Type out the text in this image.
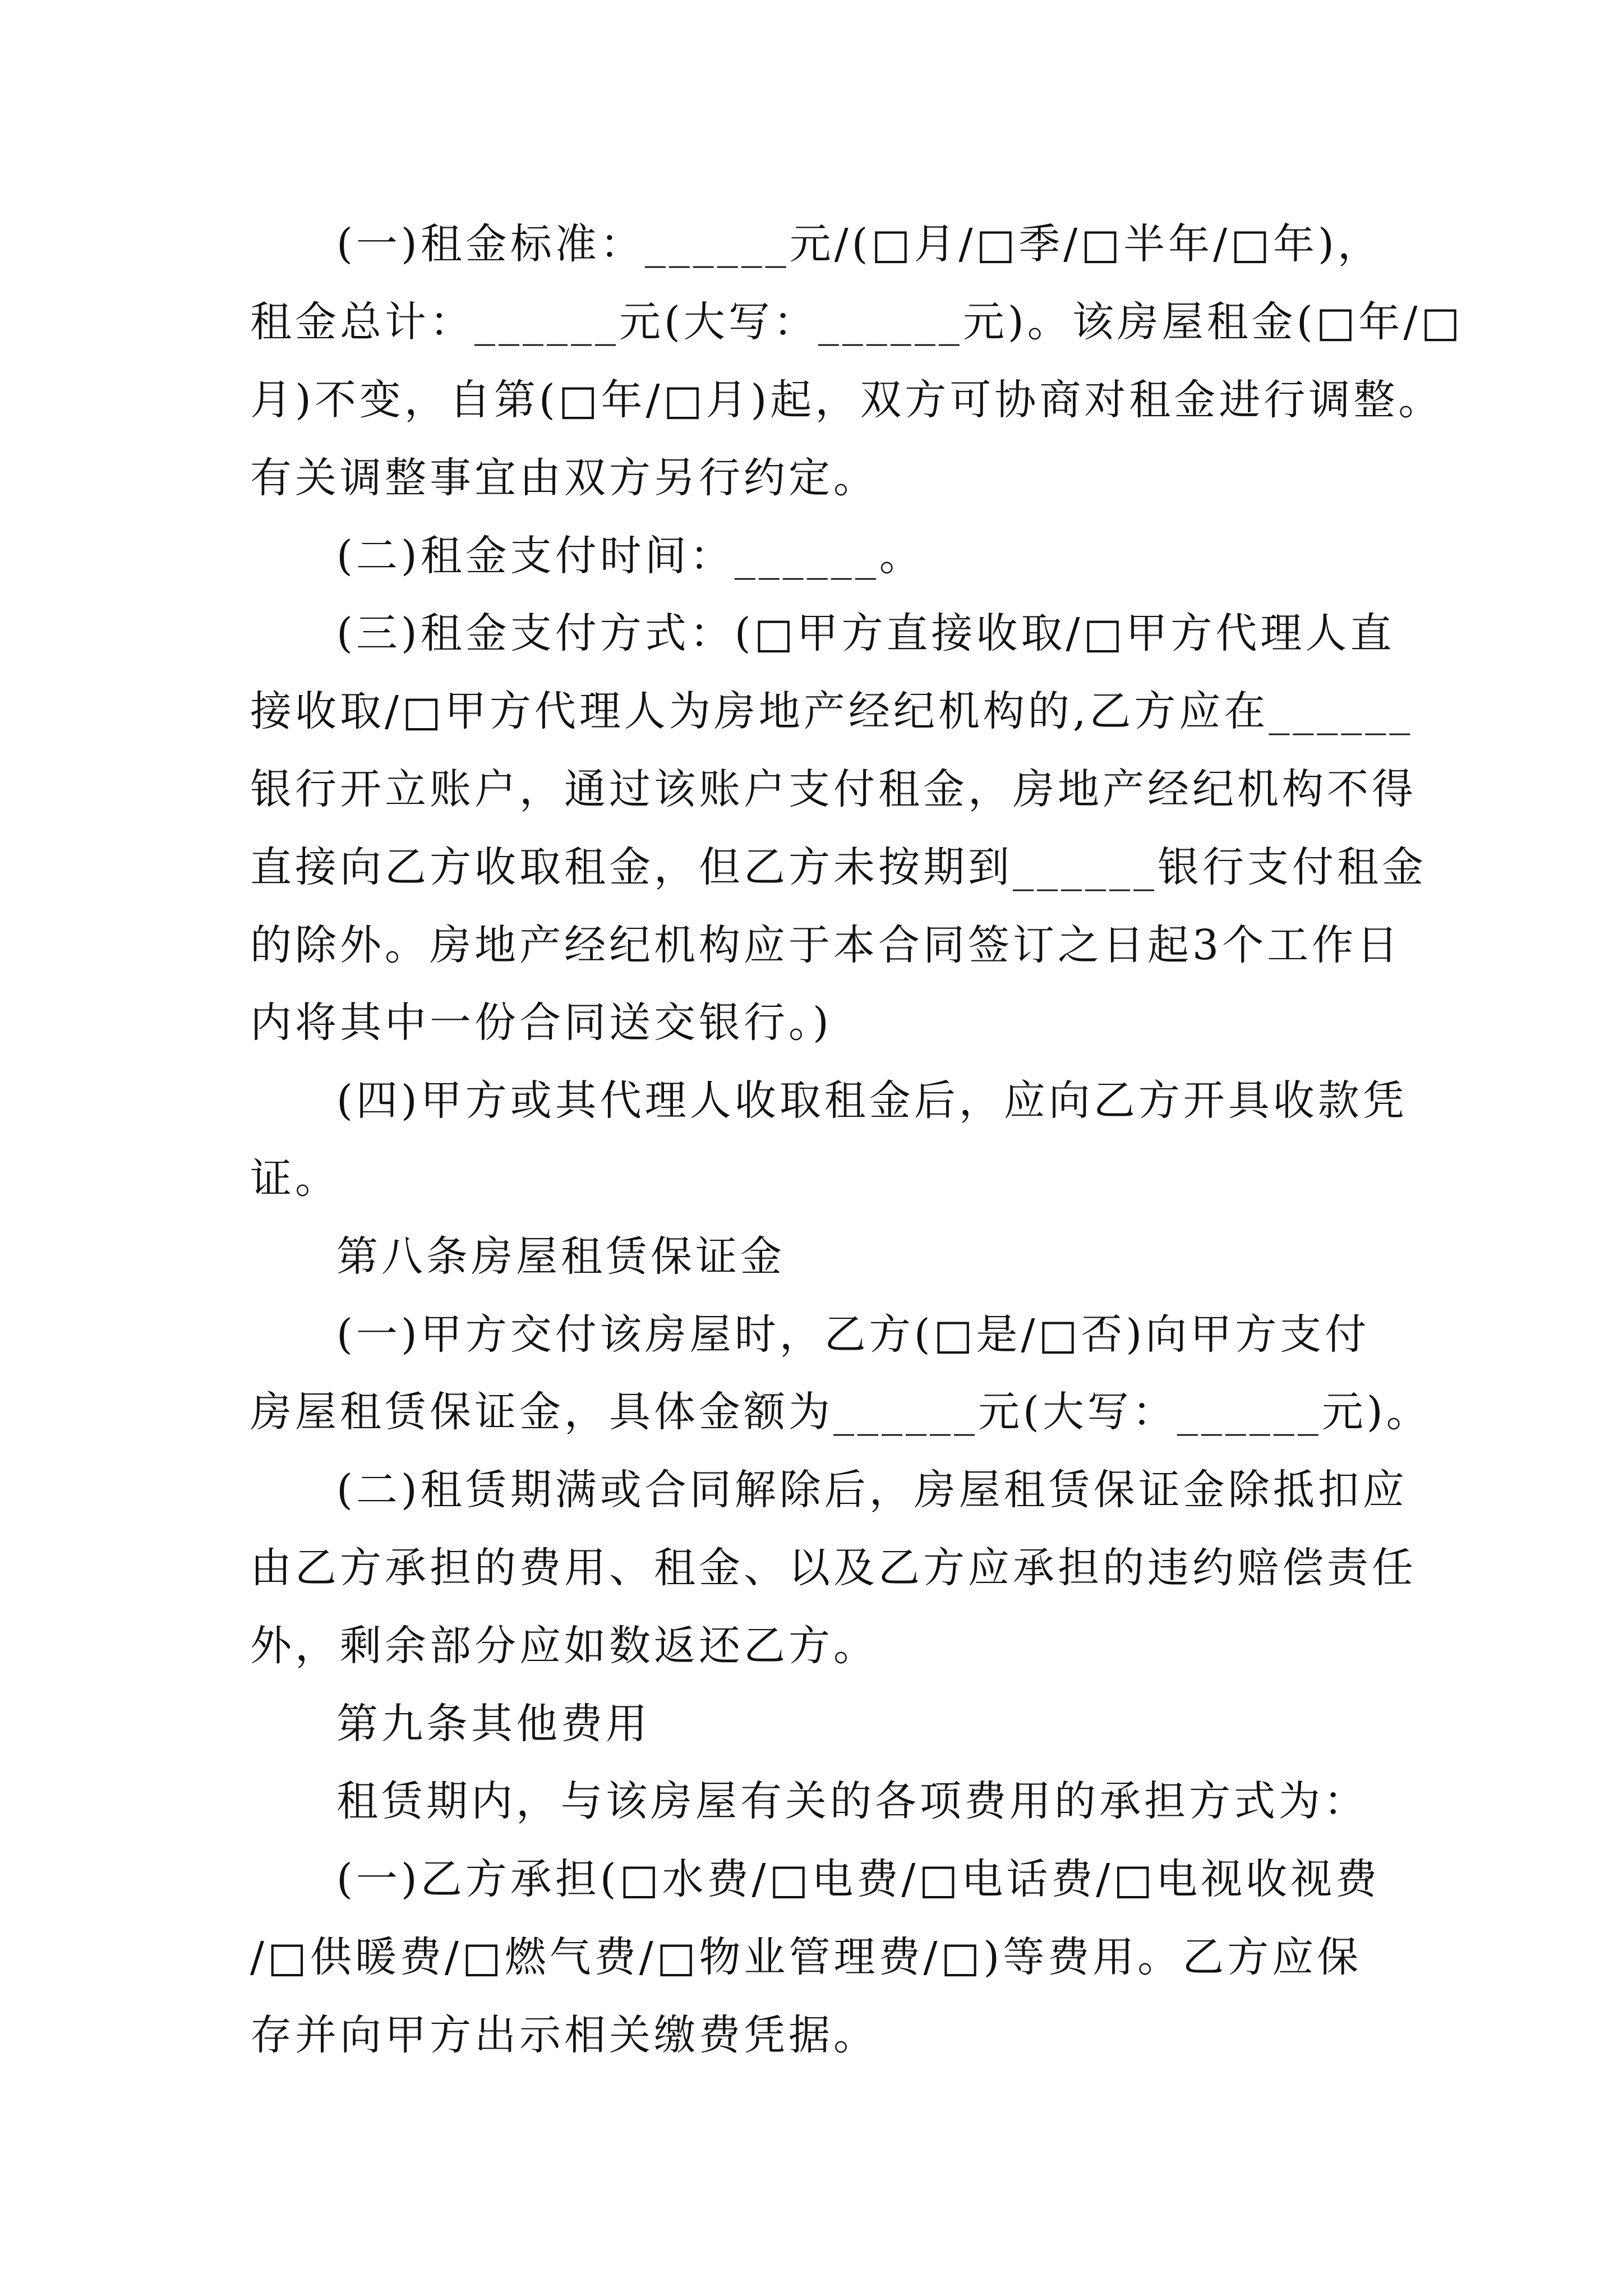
(一)租金标准：______元/(□月/□季/□半年/□年)，
租金总计：______元(大写：______元)。该房屋租金(□年/□
月)不变，自第(□年/□月)起，双方可协商对租金进行调整。
有关调整事宜由双方另行约定。
(二)租金支付时间：______。
(三)租金支付方式：(□甲方直接收取/□甲方代理人直
接收取/□甲方代理人为房地产经纪机构的,乙方应在______
银行开立账户，通过该账户支付租金，房地产经纪机构不得
直接向乙方收取租金，但乙方未按期到______银行支付租金
的除外。房地产经纪机构应于本合同签订之日起3个工作日
内将其中一份合同送交银行。)
(四)甲方或其代理人收取租金后，应向乙方开具收款凭
证。
第八条房屋租赁保证金
(一)甲方交付该房屋时，乙方(□是/□否)向甲方支付
房屋租赁保证金，具体金额为______元(大写：______元)。
(二)租赁期满或合同解除后，房屋租赁保证金除抵扣应
由乙方承担的费用、租金、以及乙方应承担的违约赔偿责任
外，剩余部分应如数返还乙方。
第九条其他费用
租赁期内，与该房屋有关的各项费用的承担方式为：
(一)乙方承担(□水费/□电费/□电话费/□电视收视费
/□供暖费/□燃气费/□物业管理费/□)等费用。乙方应保
存并向甲方出示相关缴费凭据。
